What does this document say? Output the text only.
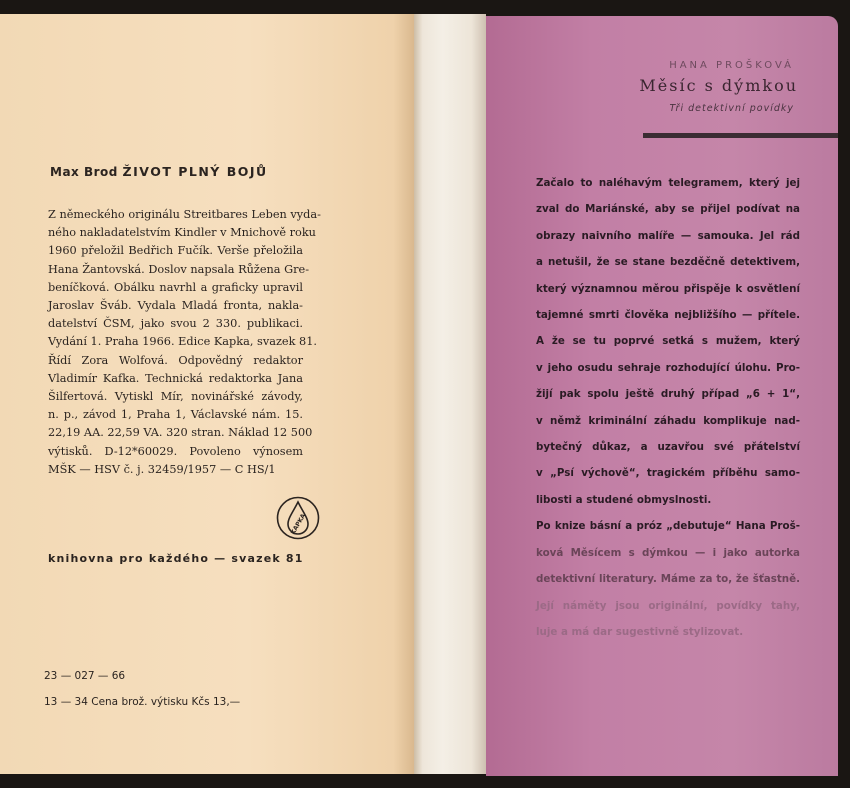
Max Brod ŽIVOT PLNÝ BOJŮ
Z německého originálu Streitbares Leben vyda-
ného nakladatelstvím Kindler v Mnichově roku
1960 přeložil Bedřich Fučík. Verše přeložila
Hana Žantovská. Doslov napsala Růžena Gre-
beníčková. Obálku navrhl a graficky upravil
Jaroslav Šváb. Vydala Mladá fronta, nakla-
datelství ČSM, jako svou 2 330. publikaci.
Vydání 1. Praha 1966. Edice Kapka, svazek 81.
Řídí Zora Wolfová. Odpovědný redaktor
Vladimír Kafka. Technická redaktorka Jana
Šilfertová. Vytiskl Mír, novinářské závody,
n. p., závod 1, Praha 1, Václavské nám. 15.
22,19 AA. 22,59 VA. 320 stran. Náklad 12 500
výtisků. D-12*60029. Povoleno výnosem
MŠK — HSV č. j. 32459/1957 — C HS/1
KAPKA
knihovna pro každého — svazek 81
23 — 027 — 66
13 — 34 Cena brož. výtisku Kčs 13,—
HANA PROŠKOVÁ
Měsíc s dýmkou
Tři detektivní povídky
Začalo to naléhavým telegramem, který jej
zval do Mariánské, aby se přijel podívat na
obrazy naivního malíře — samouka. Jel rád
a netušil, že se stane bezděčně detektivem,
který významnou měrou přispěje k osvětlení
tajemné smrti člověka nejbližšího — přítele.
A že se tu poprvé setká s mužem, který
v jeho osudu sehraje rozhodující úlohu. Pro-
žijí pak spolu ještě druhý případ „6 + 1“,
v němž kriminální záhadu komplikuje nad-
bytečný důkaz, a uzavřou své přátelství
v „Psí výchově“, tragickém příběhu samo-
libosti a studené obmyslnosti.
Po knize básní a próz „debutuje“ Hana Proš-
ková Měsícem s dýmkou — i jako autorka
detektivní literatury. Máme za to, že šťastně.
Její náměty jsou originální, povídky tahy,
luje a má dar sugestivně stylizovat.
